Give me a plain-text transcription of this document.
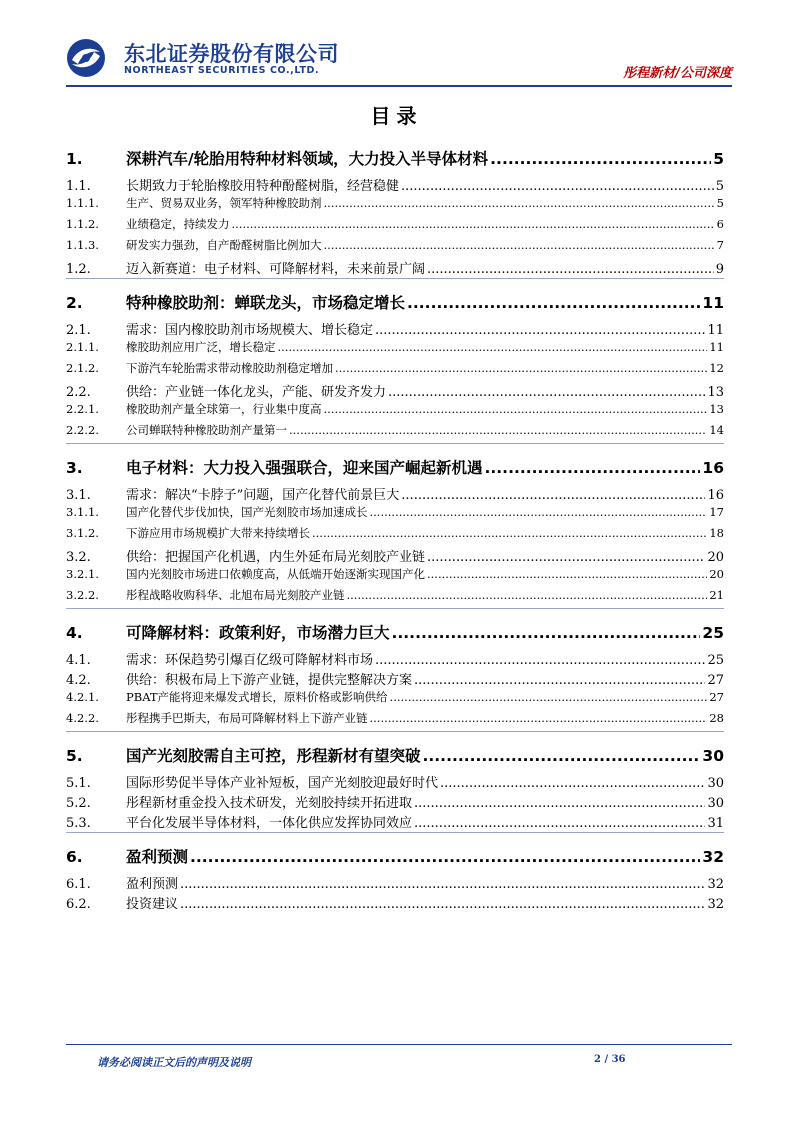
东北证券股份有限公司
NORTHEAST SECURITIES CO.,LTD.	彤程新材/公司深度
目录
1.	深耕汽车/轮胎用特种材料领域，大力投入半导体材料 .....	5
1.1.	长期致力于轮胎橡胶用特种酚醛树脂，经营稳健 .....	5
1.1.1.	生产、贸易双业务，领军特种橡胶助剂 .....	5
1.1.2.	业绩稳定，持续发力 .....	6
1.1.3.	研发实力强劲，自产酚醛树脂比例加大 .....	7
1.2.	迈入新赛道：电子材料、可降解材料，未来前景广阔 .....	9
2.	特种橡胶助剂：蝉联龙头，市场稳定增长 .....	11
2.1.	需求：国内橡胶助剂市场规模大、增长稳定 .....	11
2.1.1.	橡胶助剂应用广泛，增长稳定 .....	11
2.1.2.	下游汽车轮胎需求带动橡胶助剂稳定增加 .....	12
2.2.	供给：产业链一体化龙头，产能、研发齐发力 .....	13
2.2.1.	橡胶助剂产量全球第一，行业集中度高 .....	13
2.2.2.	公司蝉联特种橡胶助剂产量第一 .....	14
3.	电子材料：大力投入强强联合，迎来国产崛起新机遇 .....	16
3.1.	需求：解决“卡脖子”问题，国产化替代前景巨大 .....	16
3.1.1.	国产化替代步伐加快，国产光刻胶市场加速成长 .....	17
3.1.2.	下游应用市场规模扩大带来持续增长 .....	18
3.2.	供给：把握国产化机遇，内生外延布局光刻胶产业链 .....	20
3.2.1.	国内光刻胶市场进口依赖度高，从低端开始逐渐实现国产化 .....	20
3.2.2.	彤程战略收购科华、北旭布局光刻胶产业链 .....	21
4.	可降解材料：政策利好，市场潜力巨大 .....	25
4.1.	需求：环保趋势引爆百亿级可降解材料市场 .....	25
4.2.	供给：积极布局上下游产业链，提供完整解决方案 .....	27
4.2.1.	PBAT产能将迎来爆发式增长，原料价格或影响供给 .....	27
4.2.2.	彤程携手巴斯夫，布局可降解材料上下游产业链 .....	28
5.	国产光刻胶需自主可控，彤程新材有望突破 .....	30
5.1.	国际形势促半导体产业补短板，国产光刻胶迎最好时代 .....	30
5.2.	彤程新材重金投入技术研发，光刻胶持续开拓进取 .....	30
5.3.	平台化发展半导体材料，一体化供应发挥协同效应 .....	31
6.	盈利预测 .....	32
6.1.	盈利预测 .....	32
6.2.	投资建议 .....	32
请务必阅读正文后的声明及说明	2 / 36
